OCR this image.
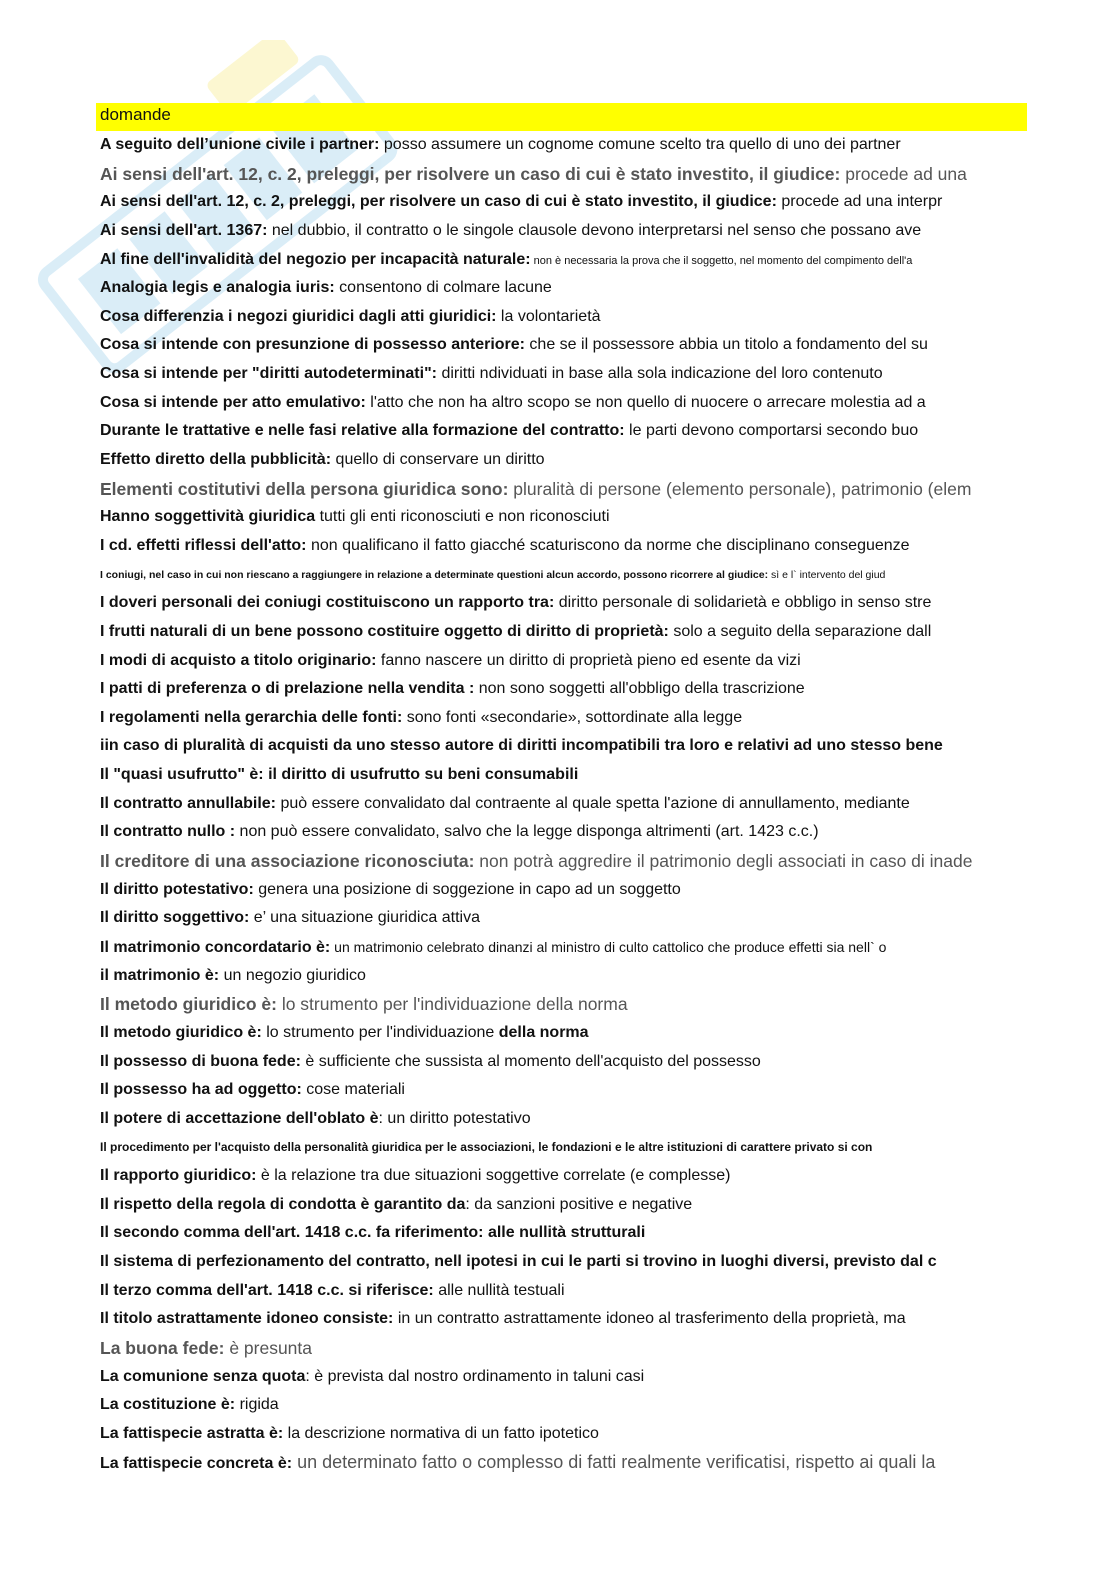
domande
A seguito dell’unione civile i partner: posso assumere un cognome comune scelto tra quello di uno dei partner
Ai sensi dell'art. 12, c. 2, preleggi, per risolvere un caso di cui è stato investito, il giudice: procede ad una
Ai sensi dell'art. 12, c. 2, preleggi, per risolvere un caso di cui è stato investito, il giudice: procede ad una interpr
Ai sensi dell'art. 1367: nel dubbio, il contratto o le singole clausole devono interpretarsi nel senso che possano ave
Al fine dell'invalidità del negozio per incapacità naturale: non è necessaria la prova che il soggetto, nel momento del compimento dell'a
Analogia legis e analogia iuris: consentono di colmare lacune
Cosa differenzia i negozi giuridici dagli atti giuridici: la volontarietà
Cosa si intende con presunzione di possesso anteriore: che se il possessore abbia un titolo a fondamento del su
Cosa si intende per "diritti autodeterminati": diritti ndividuati in base alla sola indicazione del loro contenuto
Cosa si intende per atto emulativo: l'atto che non ha altro scopo se non quello di nuocere o arrecare molestia ad a
Durante le trattative e nelle fasi relative alla formazione del contratto: le parti devono comportarsi secondo buo
Effetto diretto della pubblicità: quello di conservare un diritto
Elementi costitutivi della persona giuridica sono: pluralità di persone (elemento personale), patrimonio (elem
Hanno soggettività giuridica tutti gli enti riconosciuti e non riconosciuti
I cd. effetti riflessi dell'atto: non qualificano il fatto giacché scaturiscono da norme che disciplinano conseguenze
I coniugi, nel caso in cui non riescano a raggiungere in relazione a determinate questioni alcun accordo, possono ricorrere al giudice: sì e l` intervento del giud
I doveri personali dei coniugi costituiscono un rapporto tra: diritto personale di solidarietà e obbligo in senso stre
I frutti naturali di un bene possono costituire oggetto di diritto di proprietà: solo a seguito della separazione dall
I modi di acquisto a titolo originario: fanno nascere un diritto di proprietà pieno ed esente da vizi
I patti di preferenza o di prelazione nella vendita : non sono soggetti all'obbligo della trascrizione
I regolamenti nella gerarchia delle fonti: sono fonti «secondarie», sottordinate alla legge
iin caso di pluralità di acquisti da uno stesso autore di diritti incompatibili tra loro e relativi ad uno stesso bene
Il "quasi usufrutto" è: il diritto di usufrutto su beni consumabili
Il contratto annullabile: può essere convalidato dal contraente al quale spetta l'azione di annullamento, mediante
Il contratto nullo : non può essere convalidato, salvo che la legge disponga altrimenti (art. 1423 c.c.)
Il creditore di una associazione riconosciuta: non potrà aggredire il patrimonio degli associati in caso di inade
Il diritto potestativo: genera una posizione di soggezione in capo ad un soggetto
Il diritto soggettivo: e’ una situazione giuridica attiva
Il matrimonio concordatario è: un matrimonio celebrato dinanzi al ministro di culto cattolico che produce effetti sia nell` o
il matrimonio è: un negozio giuridico
Il metodo giuridico è: lo strumento per l'individuazione della norma
Il metodo giuridico è: lo strumento per l'individuazione della norma
Il possesso di buona fede: è sufficiente che sussista al momento dell'acquisto del possesso
Il possesso ha ad oggetto: cose materiali
Il potere di accettazione dell'oblato è: un diritto potestativo
Il procedimento per l'acquisto della personalità giuridica per le associazioni, le fondazioni e le altre istituzioni di carattere privato si con
Il rapporto giuridico: è la relazione tra due situazioni soggettive correlate (e complesse)
Il rispetto della regola di condotta è garantito da: da sanzioni positive e negative
Il secondo comma dell'art. 1418 c.c. fa riferimento: alle nullità strutturali
Il sistema di perfezionamento del contratto, nell ipotesi in cui le parti si trovino in luoghi diversi, previsto dal c
Il terzo comma dell'art. 1418 c.c. si riferisce: alle nullità testuali
Il titolo astrattamente idoneo consiste: in un contratto astrattamente idoneo al trasferimento della proprietà, ma
La buona fede: è presunta
La comunione senza quota: è prevista dal nostro ordinamento in taluni casi
La costituzione è: rigida
La fattispecie astratta è: la descrizione normativa di un fatto ipotetico
La fattispecie concreta è: un determinato fatto o complesso di fatti realmente verificatisi, rispetto ai quali la
